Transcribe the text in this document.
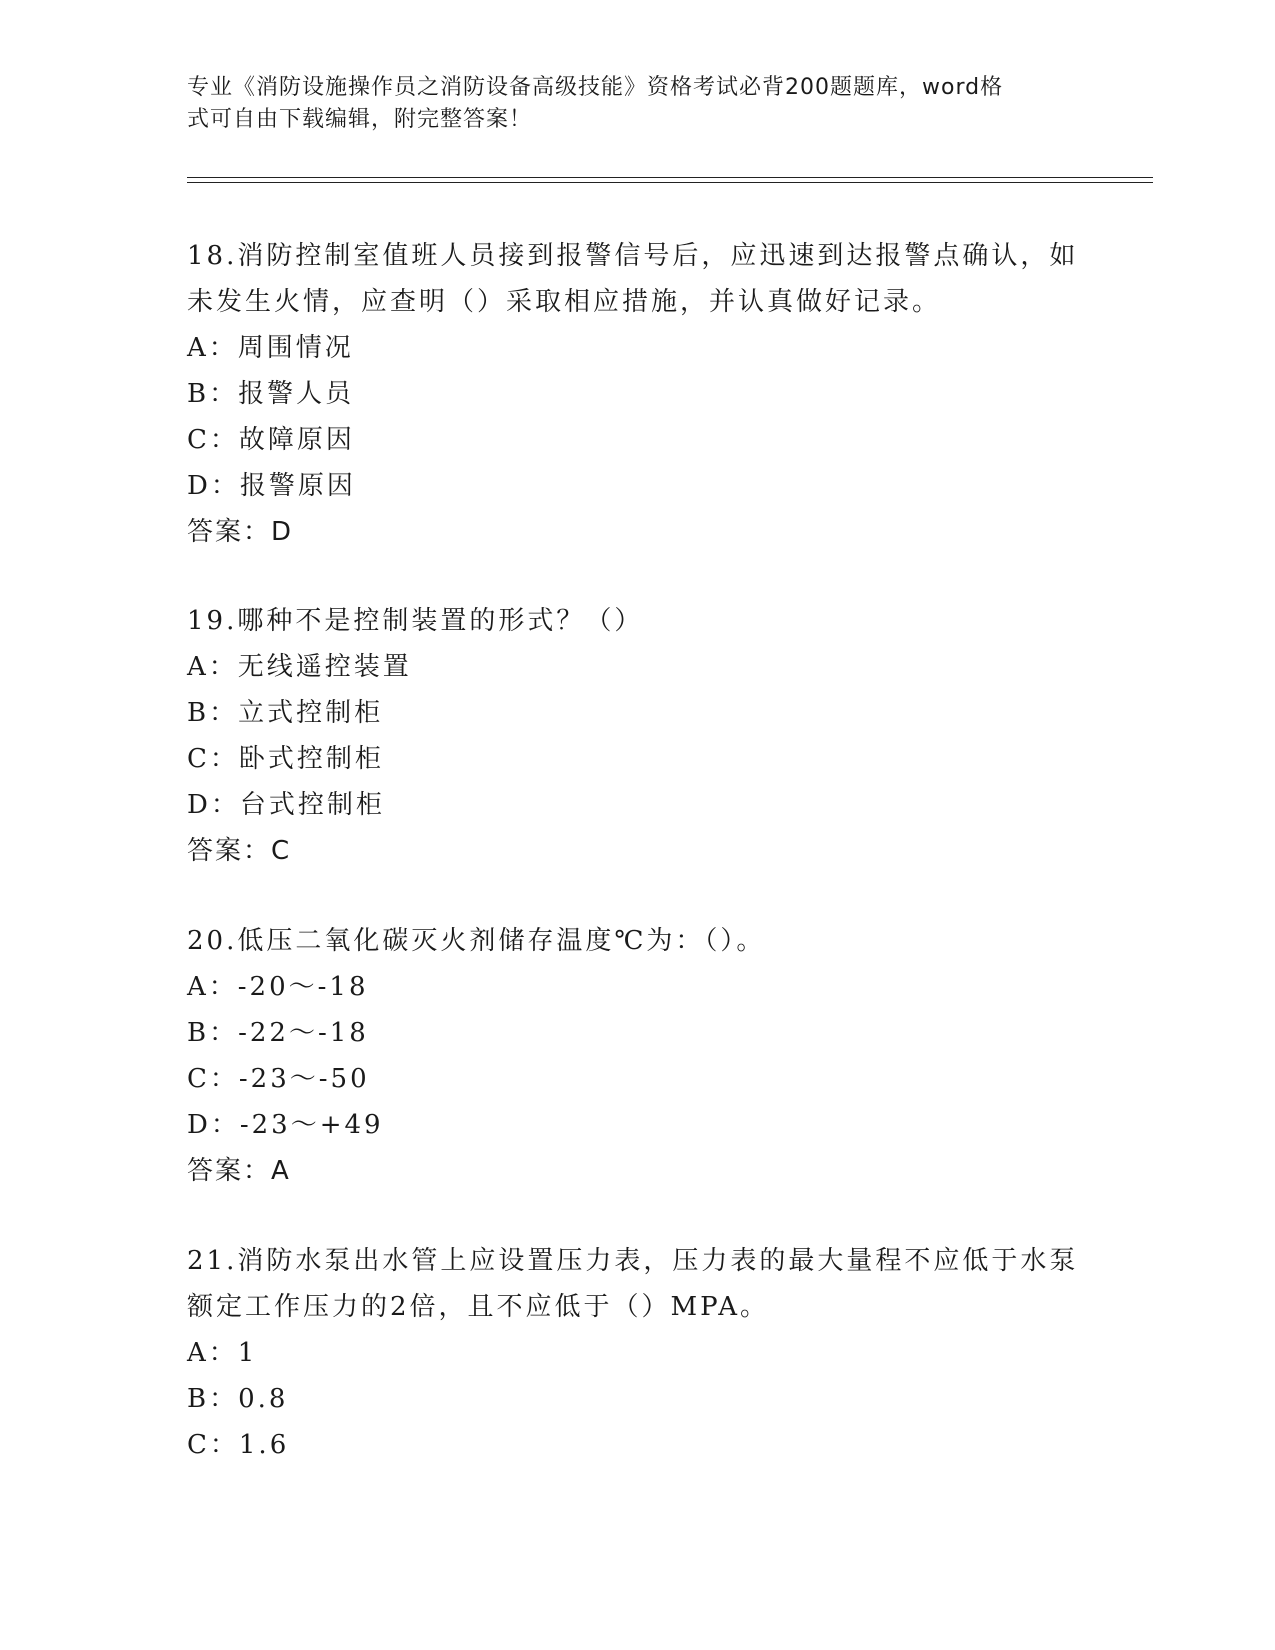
专业《消防设施操作员之消防设备高级技能》资格考试必背200题题库，word格
式可自由下载编辑，附完整答案！

18.消防控制室值班人员接到报警信号后，应迅速到达报警点确认，如

未发生火情，应查明（）采取相应措施，并认真做好记录。

A：周围情况

B：报警人员

C：故障原因

D：报警原因

答案：D

19.哪种不是控制装置的形式？（）

A：无线遥控装置

B：立式控制柜

C：卧式控制柜

D：台式控制柜

答案：C

20.低压二氧化碳灭火剂储存温度℃为：（）。

A：-20～-18

B：-22～-18

C：-23～-50

D：-23～+49

答案：A

21.消防水泵出水管上应设置压力表，压力表的最大量程不应低于水泵

额定工作压力的2倍，且不应低于（）MPA。

A：1

B：0.8

C：1.6
